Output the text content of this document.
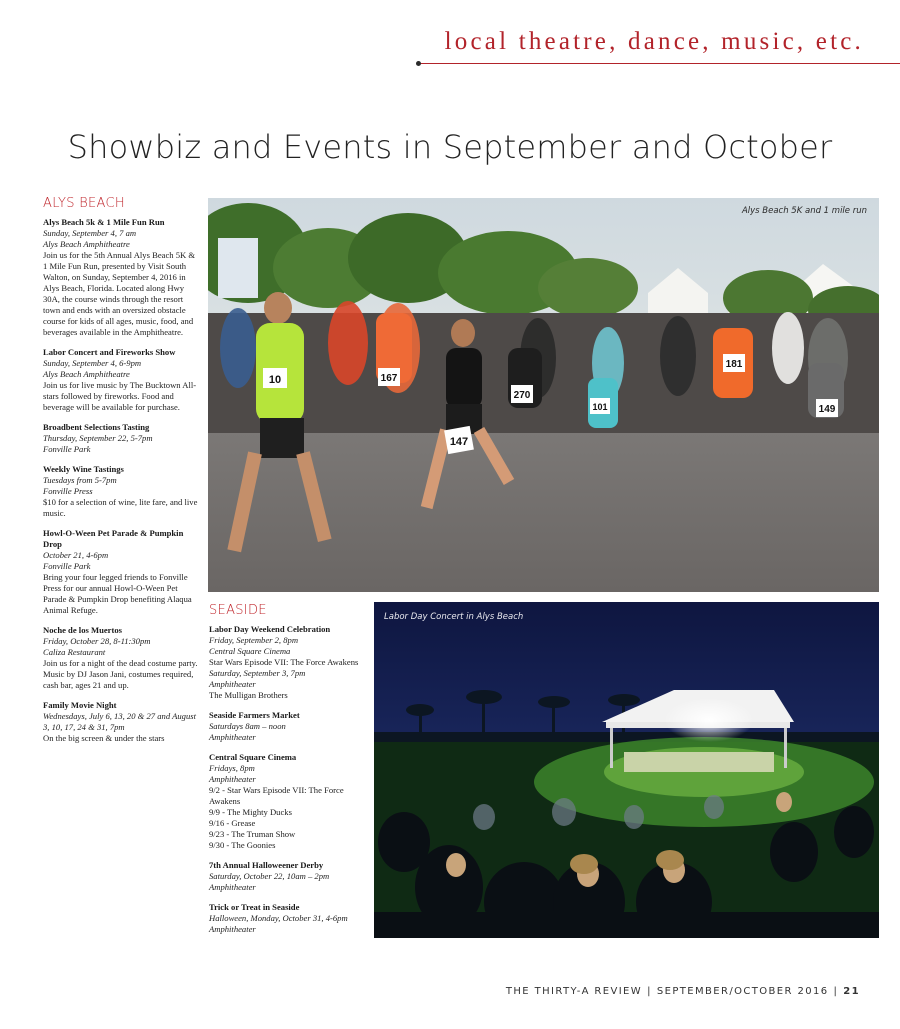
local theatre, dance, music, etc.
Showbiz and Events in September and October
ALYS BEACH
Alys Beach 5k & 1 Mile Fun Run
Sunday, September 4, 7 am
Alys Beach Amphitheatre
Join us for the 5th Annual Alys Beach 5K & 1 Mile Fun Run, presented by Visit South Walton, on Sunday, September 4, 2016 in Alys Beach, Florida. Located along Hwy 30A, the course winds through the resort town and ends with an oversized obstacle course for kids of all ages, music, food, and beverages available in the Amphitheatre.
Labor Concert and Fireworks Show
Sunday, September 4, 6-9pm
Alys Beach Amphitheatre
Join us for live music by The Bucktown All-stars followed by fireworks. Food and beverage will be available for purchase.
Broadbent Selections Tasting
Thursday, September 22, 5-7pm
Fonville Park
Weekly Wine Tastings
Tuesdays from 5-7pm
Fonville Press
$10 for a selection of wine, lite fare, and live music.
Howl-O-Ween Pet Parade & Pumpkin Drop
October 21, 4-6pm
Fonville Park
Bring your four legged friends to Fonville Press for our annual Howl-O-Ween Pet Parade & Pumpkin Drop benefiting Alaqua Animal Refuge.
Noche de los Muertos
Friday, October 28, 8-11:30pm
Caliza Restaurant
Join us for a night of the dead costume party. Music by DJ Jason Jani, costumes required, cash bar, ages 21 and up.
Family Movie Night
Wednesdays, July 6, 13, 20 & 27 and August 3, 10, 17, 24 & 31, 7pm
On the big screen & under the stars
SEASIDE
Labor Day Weekend Celebration
Friday, September 2, 8pm
Central Square Cinema
Star Wars Episode VII: The Force Awakens
Saturday, September 3, 7pm
Amphitheater
The Mulligan Brothers
Seaside Farmers Market
Saturdays 8am – noon
Amphitheater
Central Square Cinema
Fridays, 8pm
Amphitheater
9/2 - Star Wars Episode VII: The Force Awakens
9/9 - The Mighty Ducks
9/16 - Grease
9/23 - The Truman Show
9/30 - The Goonies
7th Annual Halloweener Derby
Saturday, October 22, 10am – 2pm
Amphitheater
Trick or Treat in Seaside
Halloween, Monday, October 31, 4-6pm
Amphitheater
10
147
167
270
101
181
149
Alys Beach 5K and 1 mile run
Labor Day Concert in Alys Beach
THE THIRTY-A REVIEW | SEPTEMBER/OCTOBER 2016 | 21
